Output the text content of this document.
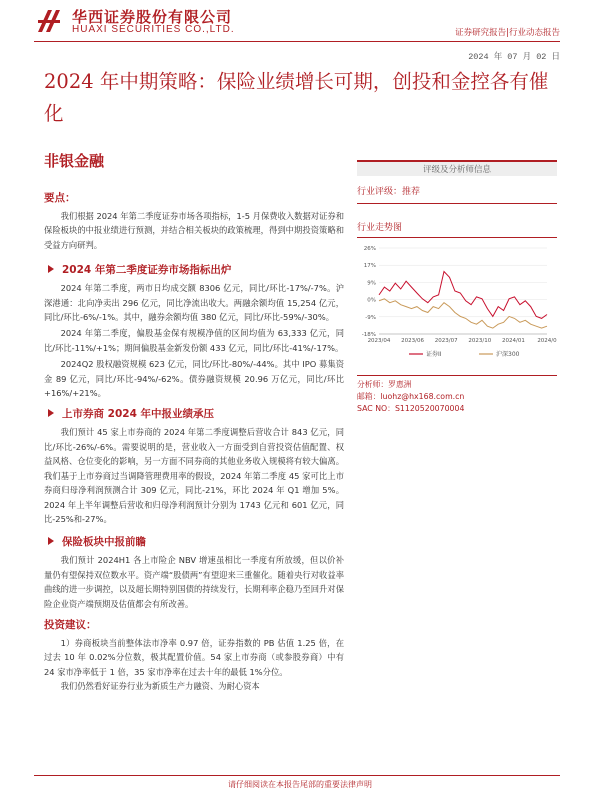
华西证券股份有限公司
HUAXI SECURITIES CO.,LTD.	证券研究报告|行业动态报告
2024 年 07 月 02 日
2024 年中期策略：保险业绩增长可期，创投和金控各有催化
非银金融
要点：

我们根据 2024 年第二季度证券市场各项指标，1-5 月保费收入数据对证券和保险板块的中报业绩进行预测，并结合相关板块的政策梳理，得到中期投资策略和受益方向研判。

2024 年第二季度证券市场指标出炉

2024 年第二季度，两市日均成交额 8306 亿元，同比/环比-17%/-7%。沪深港通：北向净卖出 296 亿元，同比净流出收大。两融余额均值 15,254 亿元，同比/环比-6%/-1%。其中，融券余额均值 380 亿元，同比/环比-59%/-30%。

2024 年第二季度，偏股基金保有规模净值的区间均值为 63,333 亿元，同比/环比-11%/+1%；期间偏股基金新发份额 433 亿元，同比/环比-41%/-17%。

2024Q2 股权融资规模 623 亿元，同比/环比-80%/-44%。其中 IPO 募集资金 89 亿元，同比/环比-94%/-62%。债券融资规模 20.96 万亿元，同比/环比+16%/+21%。

上市券商 2024 年中报业绩承压

我们预计 45 家上市券商的 2024 年第二季度调整后营收合计 843 亿元，同比/环比-26%/-6%。需要说明的是，营业收入一方面受到自营投资估值配置、权益风格、仓位变化的影响，另一方面不同券商的其他业务收入规模将有较大偏离。我们基于上市券商过当调降管理费用率的假设，2024 年第二季度 45 家可比上市券商归母净利润预测合计 309 亿元，同比-21%，环比 2024 年 Q1 增加 5%。2024 年上半年调整后营收和归母净利润预计分别为 1743 亿元和 601 亿元，同比-25%和-27%。

保险板块中报前瞻

我们预计 2024H1 各上市险企 NBV 增速虽相比一季度有所放缓，但以价补量仍有望保持双位数水平。资产端“股债两”有望迎来三重催化。随着央行对收益率曲线的进一步调控，以及超长期特别国债的持续发行，长期利率企稳乃至回升对保险企业资产端预期及估值都会有所改善。

投资建议：

1）券商板块当前整体法市净率 0.97 倍，证券指数的 PB 估值 1.25 倍，在过去 10 年 0.02%分位数，极其配置价值。54 家上市券商（或参股券商）中有 24 家市净率低于 1 倍，35 家市净率在过去十年的最低 1%分位。

我们仍然看好证券行业为新质生产力融资、为耐心资本

评级及分析师信息
行业评级：推荐
行业走势图
26%
17%
9%
0%
-9%
-18%
2023/04 2023/06 2023/07 2023/10 2024/01 2024/0
证券II	沪深300
分析师：罗惠洲
邮箱：luohz@hx168.com.cn
SAC NO：S1120520070004
请仔细阅读在本报告尾部的重要法律声明
